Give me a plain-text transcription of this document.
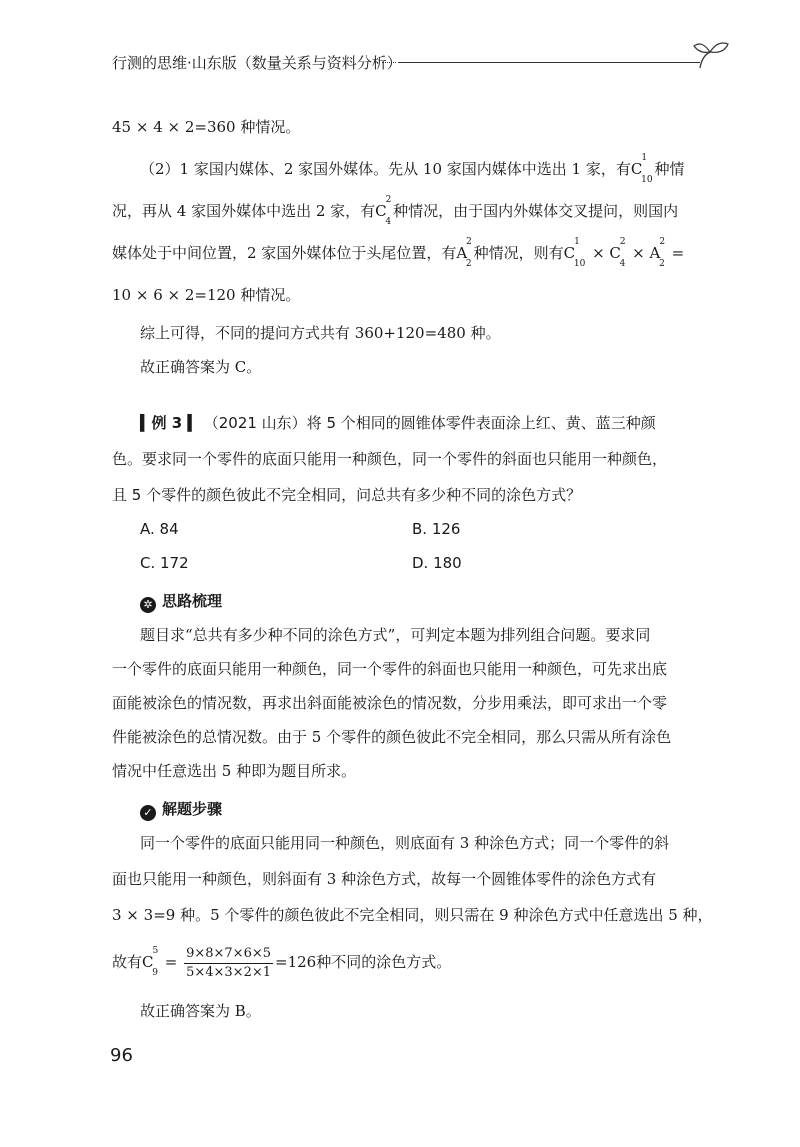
行测的思维·山东版（数量关系与资料分析）
45 × 4 × 2=360 种情况。
（2）1 家国内媒体、2 家国外媒体。先从 10 家国内媒体中选出 1 家，有$C^1_{10}$种情
况，再从 4 家国外媒体中选出 2 家，有$C^2_4$种情况，由于国内外媒体交叉提问，则国内
媒体处于中间位置，2 家国外媒体位于头尾位置，有$A^2_2$种情况，则有$C^1_{10} \times C^2_4 \times A^2_2$ =
10 × 6 × 2=120 种情况。
综上可得，不同的提问方式共有 360+120=480 种。
故正确答案为 C。
▍例 3 ▍ （2021 山东）将 5 个相同的圆锥体零件表面涂上红、黄、蓝三种颜
色。要求同一个零件的底面只能用一种颜色，同一个零件的斜面也只能用一种颜色，
且 5 个零件的颜色彼此不完全相同，问总共有多少种不同的涂色方式？
A. 84	B. 126
C. 172	D. 180
✲ 思路梳理
题目求“总共有多少种不同的涂色方式”，可判定本题为排列组合问题。要求同
一个零件的底面只能用一种颜色，同一个零件的斜面也只能用一种颜色，可先求出底
面能被涂色的情况数，再求出斜面能被涂色的情况数，分步用乘法，即可求出一个零
件能被涂色的总情况数。由于 5 个零件的颜色彼此不完全相同，那么只需从所有涂色
情况中任意选出 5 种即为题目所求。
✓ 解题步骤
同一个零件的底面只能用同一种颜色，则底面有 3 种涂色方式；同一个零件的斜
面也只能用一种颜色，则斜面有 3 种涂色方式，故每一个圆锥体零件的涂色方式有
3 × 3=9 种。5 个零件的颜色彼此不完全相同，则只需在 9 种涂色方式中任意选出 5 种，
故有$C^5_9 = \frac{9\times 8\times 7\times 6\times 5}{5\times 4\times 3\times 2\times 1} =126$种不同的涂色方式。
故正确答案为 B。
96
